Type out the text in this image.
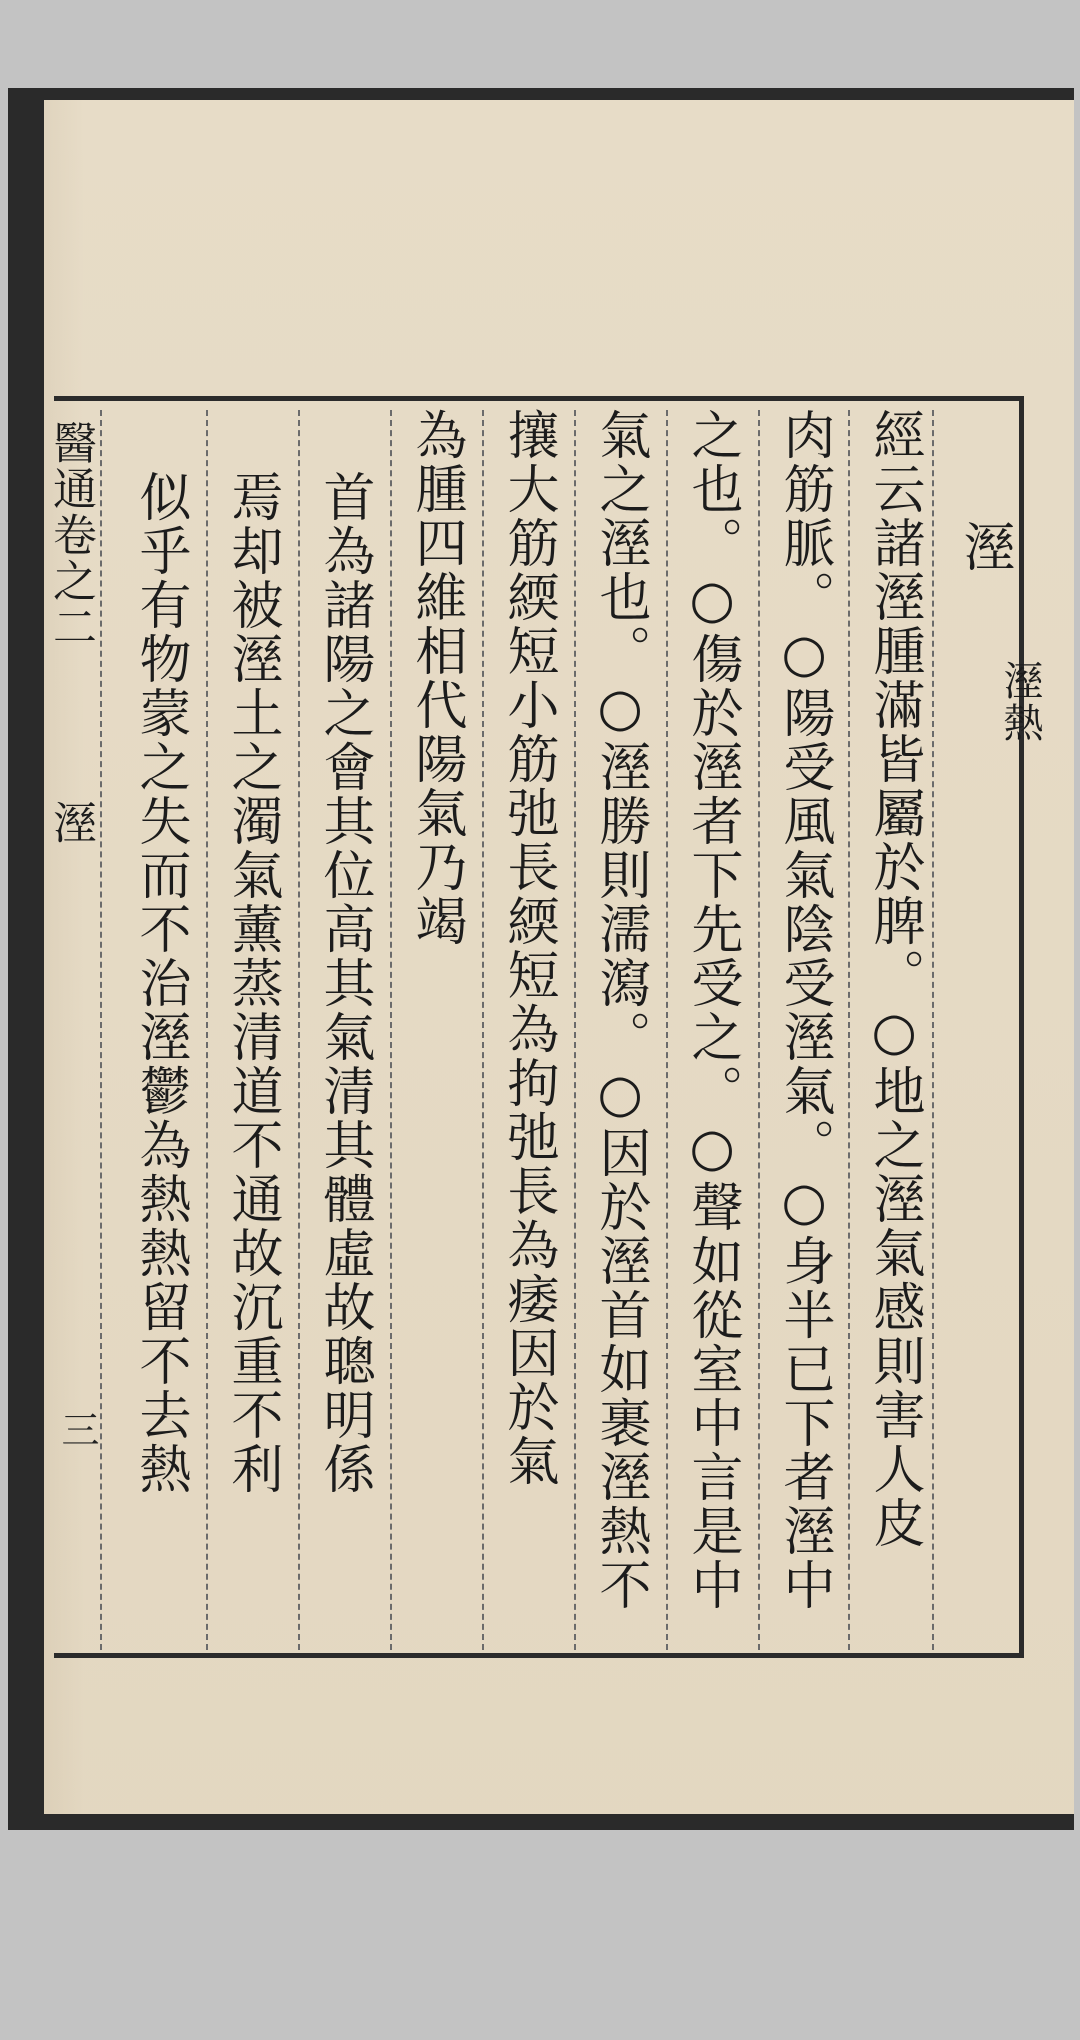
溼
溼熱
經云諸溼腫滿皆屬於脾。○地之溼氣感則害人皮
肉筋脈。○陽受風氣陰受溼氣。○身半已下者溼中
之也。○傷於溼者下先受之。○聲如從室中言是中
氣之溼也。○溼勝則濡瀉。○因於溼首如裹溼熱不
攘大筋緛短小筋弛長緛短為拘弛長為痿因於氣
為腫四維相代陽氣乃竭
首為諸陽之會其位高其氣清其體虛故聰明係
焉却被溼土之濁氣薰蒸清道不通故沉重不利
似乎有物蒙之失而不治溼鬱為熱熱留不去熱
醫通卷之二
溼
三
